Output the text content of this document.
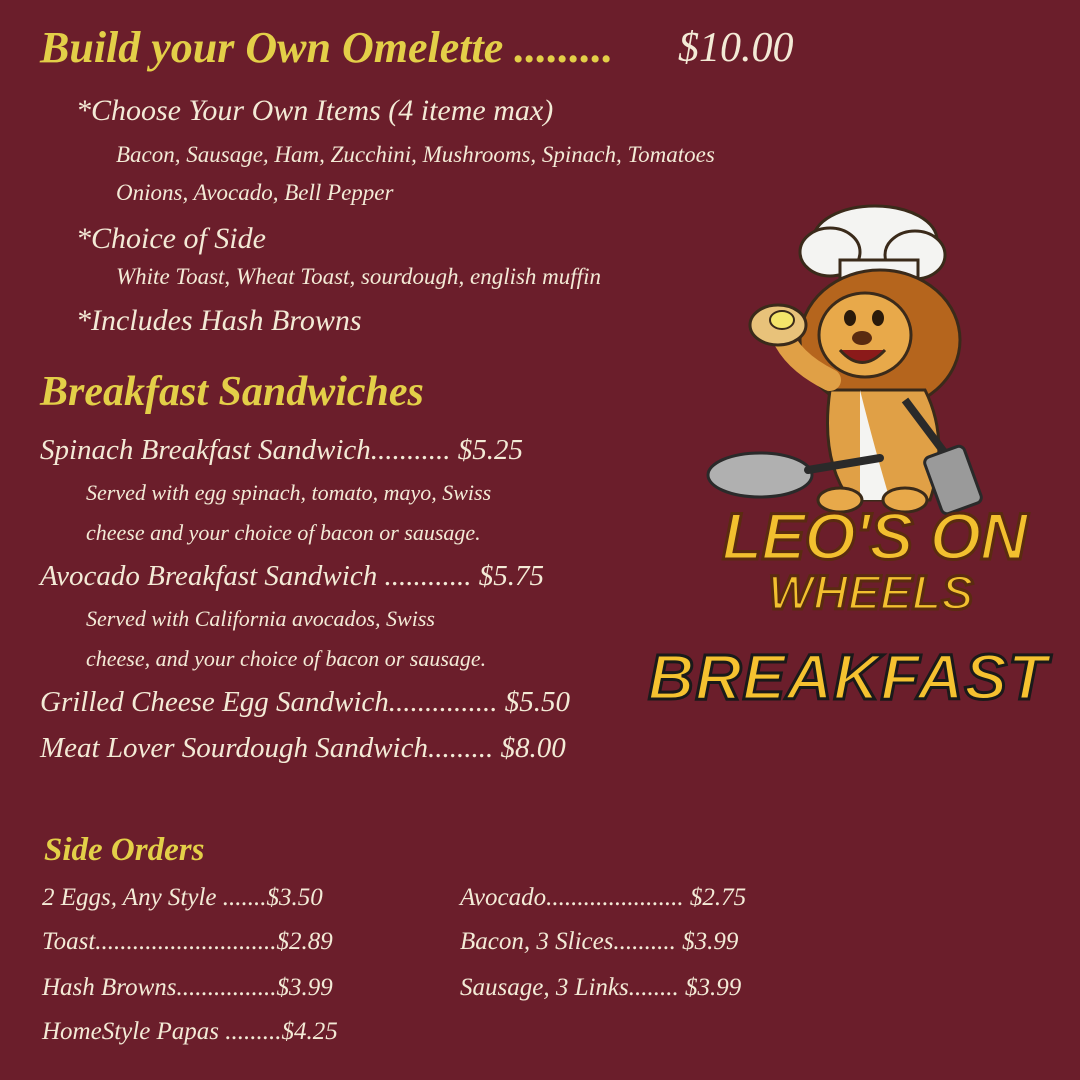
Build your Own Omelette ......... $10.00
*Choose Your Own Items (4 iteme max)
Bacon, Sausage, Ham, Zucchini, Mushrooms, Spinach, Tomatoes
Onions, Avocado, Bell Pepper
*Choice of Side
White Toast, Wheat Toast, sourdough, english muffin
*Includes Hash Browns
Breakfast Sandwiches
Spinach Breakfast Sandwich........... $5.25
Served with egg spinach, tomato, mayo, Swiss
cheese and your choice of bacon or sausage.
Avocado Breakfast Sandwich ............ $5.75
Served with California avocados, Swiss
cheese, and your choice of bacon or sausage.
Grilled Cheese Egg Sandwich............... $5.50
Meat Lover Sourdough Sandwich......... $8.00
Side Orders
2 Eggs, Any Style .......$3.50
Toast.............................$2.89
Hash Browns................$3.99
HomeStyle Papas .........$4.25
Avocado...................... $2.75
Bacon, 3 Slices.......... $3.99
Sausage, 3 Links........ $3.99
LEO'S ON
WHEELS
BREAKFAST
